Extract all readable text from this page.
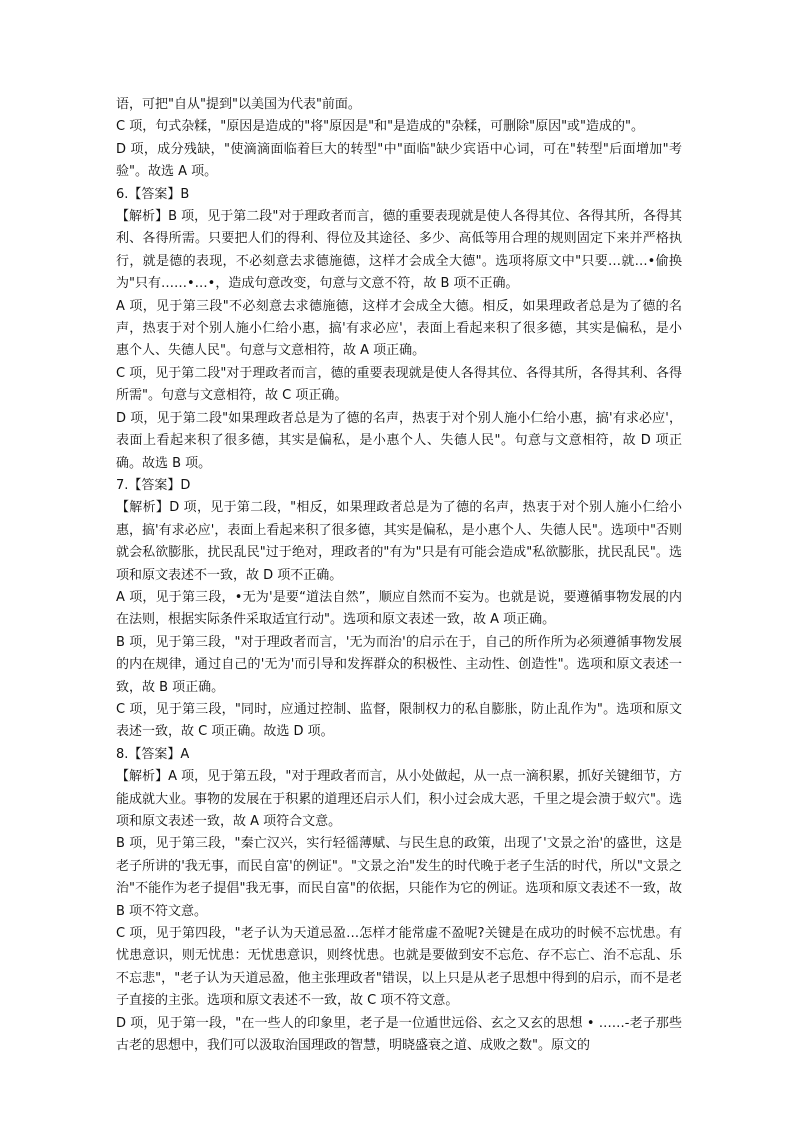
语，可把"自从"提到"以美国为代表"前面。

C 项，句式杂糅，"原因是造成的"将"原因是"和"是造成的"杂糅，可删除"原因"或"造成的"。

D 项，成分残缺，"使滴滴面临着巨大的转型"中"面临"缺少宾语中心词，可在"转型"后面增加"考验"。故选 A 项。

6.【答案】B

【解析】B 项，见于第二段"对于理政者而言，德的重要表现就是使人各得其位、各得其所，各得其利、各得所需。只要把人们的得利、得位及其途径、多少、高低等用合理的规则固定下来并严格执行，就是德的表现，不必刻意去求德施德，这样才会成全大德"。选项将原文中"只要…就…•偷换为"只有……•…•，造成句意改变，句意与文意不符，故 B 项不正确。

A 项，见于第三段"不必刻意去求德施德，这样才会成全大德。相反，如果理政者总是为了德的名声，热衷于对个别人施小仁给小惠，搞'有求必应'，表面上看起来积了很多德，其实是偏私，是小惠个人、失德人民"。句意与文意相符，故 A 项正确。

C 项，见于第二段"对于理政者而言，德的重要表现就是使人各得其位、各得其所，各得其利、各得所需"。句意与文意相符，故 C 项正确。

D 项，见于第二段"如果理政者总是为了德的名声，热衷于对个别人施小仁给小惠，搞'有求必应'，表面上看起来积了很多德，其实是偏私，是小惠个人、失德人民"。句意与文意相符，故 D 项正确。故选 B 项。

7.【答案】D

【解析】D 项，见于第二段，"相反，如果理政者总是为了德的名声，热衷于对个别人施小仁给小惠，搞'有求必应'，表面上看起来积了很多德，其实是偏私，是小惠个人、失德人民"。选项中"否则就会私欲膨胀，扰民乱民"过于绝对，理政者的"有为"只是有可能会造成"私欲膨胀，扰民乱民"。选项和原文表述不一致，故 D 项不正确。

A 项，见于第三段，•无为'是要“道法自然”，顺应自然而不妄为。也就是说，要遵循事物发展的内在法则，根据实际条件采取适宜行动"。选项和原文表述一致，故 A 项正确。

B 项，见于第三段，"对于理政者而言，'无为而治'的启示在于，自己的所作所为必须遵循事物发展的内在规律，通过自己的'无为'而引导和发挥群众的积极性、主动性、创造性"。选项和原文表述一致，故 B 项正确。

C 项，见于第三段，"同时，应通过控制、监督，限制权力的私自膨胀，防止乱作为"。选项和原文表述一致，故 C 项正确。故选 D 项。

8.【答案】A

【解析】A 项，见于第五段，"对于理政者而言，从小处做起，从一点一滴积累，抓好关键细节，方能成就大业。事物的发展在于积累的道理还启示人们，积小过会成大恶，千里之堤会溃于蚁穴"。选项和原文表述一致，故 A 项符合文意。

B 项，见于第三段，"秦亡汉兴，实行轻徭薄赋、与民生息的政策，出现了'文景之治'的盛世，这是老子所讲的'我无事，而民自富'的例证"。"文景之治"发生的时代晚于老子生活的时代，所以"文景之治"不能作为老子提倡"我无事，而民自富"的依据，只能作为它的例证。选项和原文表述不一致，故 B 项不符文意。

C 项，见于第四段，"老子认为天道忌盈…怎样才能常虚不盈呢?关键是在成功的时候不忘忧患。有忧患意识，则无忧患：无忧患意识，则终忧患。也就是要做到安不忘危、存不忘亡、治不忘乱、乐不忘悲"，"老子认为天道忌盈，他主张理政者"错误，以上只是从老子思想中得到的启示，而不是老子直接的主张。选项和原文表述不一致，故 C 项不符文意。

D 项，见于第一段，"在一些人的印象里，老子是一位遁世远俗、玄之又玄的思想 • ……-老子那些古老的思想中，我们可以汲取治国理政的智慧，明晓盛衰之道、成败之数"。原文的
